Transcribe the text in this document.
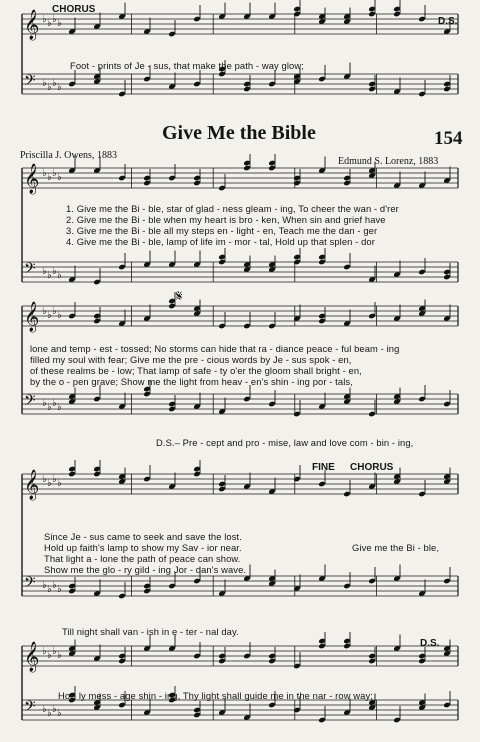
𝄞 ♭ ♭ ♭ ♭
𝄢 ♭ ♭ ♭ ♭
𝄞 ♭ ♭ ♭ ♭
𝄢 ♭ ♭ ♭ ♭
𝄞 ♭ ♭ ♭ ♭
𝄢 ♭ ♭ ♭ ♭
𝄞 ♭ ♭ ♭ ♭
𝄢 ♭ ♭ ♭ ♭
𝄞 ♭ ♭ ♭ ♭
𝄢 ♭ ♭ ♭ ♭
CHORUS
D.S.
Foot - prints of Je - sus, that make the path - way glow;
Give Me the Bible	154
Priscilla J. Owens, 1883
Edmund S. Lorenz, 1883
1. Give me the Bi - ble, star of glad - ness gleam - ing, To cheer the wan - d'rer
2. Give me the Bi - ble when my heart is bro - ken, When sin and grief have
3. Give me the Bi - ble all my steps en - light - en, Teach me the dan - ger
4. Give me the Bi - ble, lamp of life im - mor - tal, Hold up that splen - dor
𝄋
lone and temp - est - tossed; No storms can hide that ra - diance peace - ful beam - ing
filled my soul with fear; Give me the pre - cious words by Je - sus spok - en,
of these realms be - low; That lamp of safe - ty o'er the gloom shall bright - en,
by the o - pen grave; Show me the light from heav - en's shin - ing por - tals,
D.S.– Pre - cept and pro - mise, law and love com - bin - ing,
FINE CHORUS
Since Je - sus came to seek and save the lost.
Hold up faith's lamp to show my Sav - ior near.
That light a - lone the path of peace can show.
Show me the glo - ry gild - ing Jor - dan's wave.
Give me the Bi - ble,
Till night shall van - ish in e - ter - nal day.
D.S.
Ho - ly mess - age shin - ing, Thy light shall guide me in the nar - row way;
